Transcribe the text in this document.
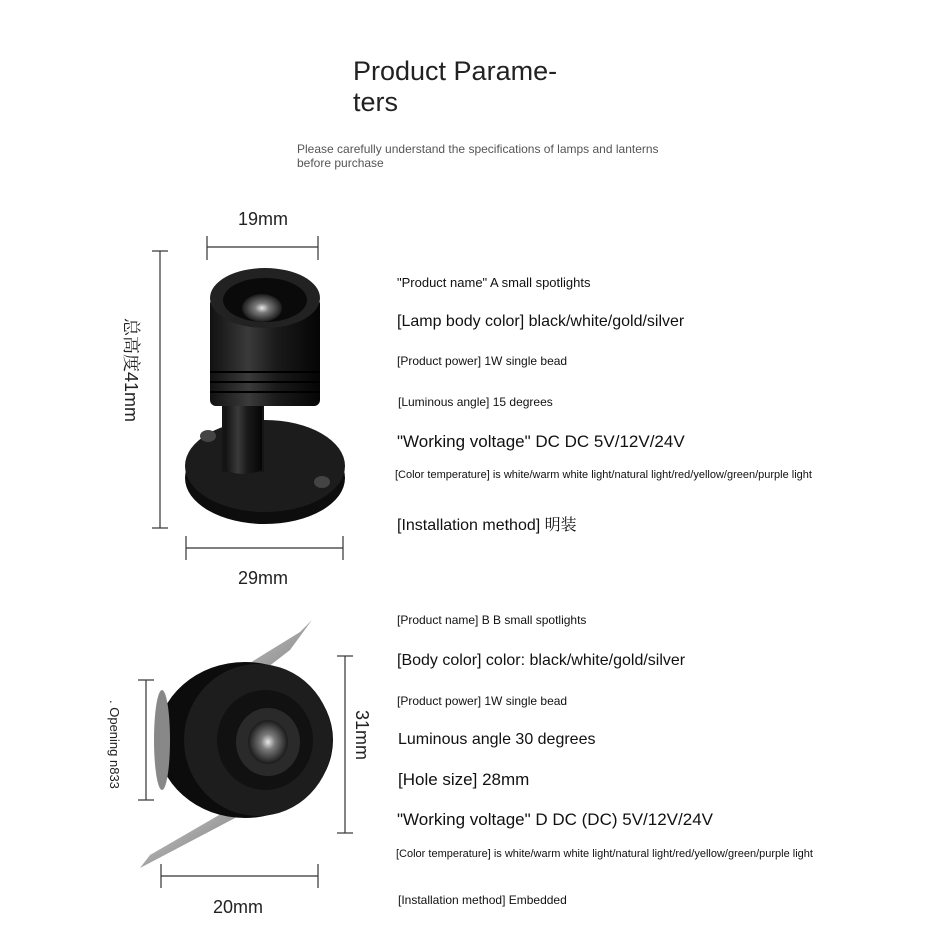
Product Parame- ters
Please carefully understand the specifications of lamps and lanterns before purchase
19mm
总高度41mm
29mm
. Opening n833	31mm
20mm
"Product name" A small spotlights
[Lamp body color] black/white/gold/silver
[Product power] 1W single bead
[Luminous angle] 15 degrees
"Working voltage" DC DC 5V/12V/24V
[Color temperature] is white/warm white light/natural light/red/yellow/green/purple light
[Installation method] 明装
[Product name] B B small spotlights
[Body color] color: black/white/gold/silver
[Product power] 1W single bead
Luminous angle 30 degrees
[Hole size] 28mm
"Working voltage" D DC (DC) 5V/12V/24V
[Color temperature] is white/warm white light/natural light/red/yellow/green/purple light
[Installation method] Embedded
